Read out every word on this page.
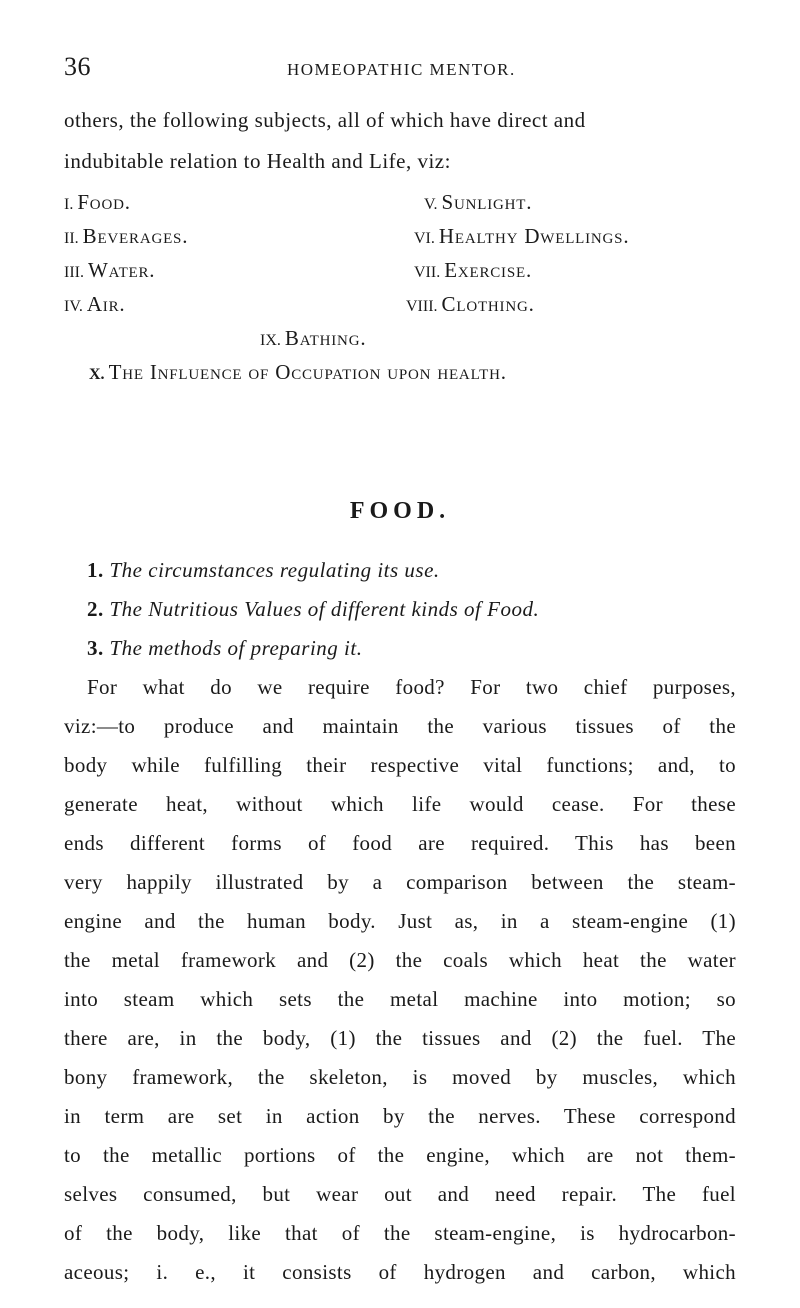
36	HOMEOPATHIC MENTOR.
others, the following subjects, all of which have direct and
indubitable relation to Health and Life, viz:
I. Food.	V. Sunlight.
II. Beverages.	VI. Healthy Dwellings.
III. Water.	VII. Exercise.
IV. Air.	VIII. Clothing.
IX. Bathing.
X. The Influence of Occupation upon health.
FOOD.
1. The circumstances regulating its use.
2. The Nutritious Values of different kinds of Food.
3. The methods of preparing it.
For what do we require food? For two chief purposes,
viz:—to produce and maintain the various tissues of the
body while fulfilling their respective vital functions; and, to
generate heat, without which life would cease. For these
ends different forms of food are required. This has been
very happily illustrated by a comparison between the steam-
engine and the human body. Just as, in a steam-engine (1)
the metal framework and (2) the coals which heat the water
into steam which sets the metal machine into motion; so
there are, in the body, (1) the tissues and (2) the fuel. The
bony framework, the skeleton, is moved by muscles, which
in term are set in action by the nerves. These correspond
to the metallic portions of the engine, which are not them-
selves consumed, but wear out and need repair. The fuel
of the body, like that of the steam-engine, is hydrocarbon-
aceous; i. e., it consists of hydrogen and carbon, which
